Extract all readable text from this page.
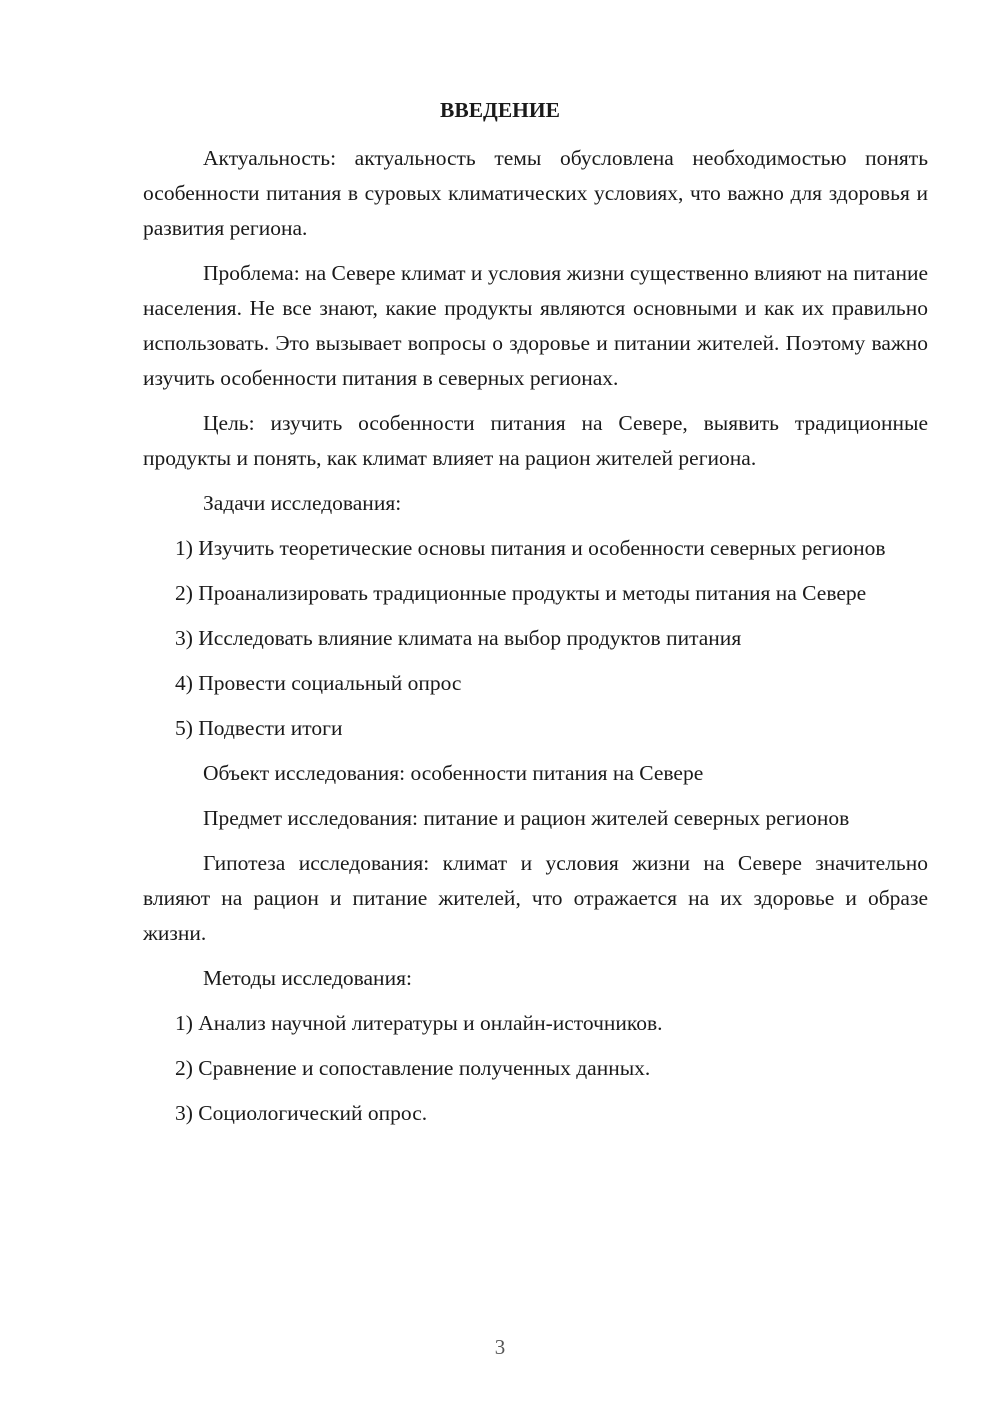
ВВЕДЕНИЕ

Актуальность: актуальность темы обусловлена необходимостью понять особенности питания в суровых климатических условиях, что важно для здоровья и развития региона.

Проблема: на Севере климат и условия жизни существенно влияют на питание населения. Не все знают, какие продукты являются основными и как их правильно использовать. Это вызывает вопросы о здоровье и питании жителей. Поэтому важно изучить особенности питания в северных регионах.

Цель: изучить особенности питания на Севере, выявить традиционные продукты и понять, как климат влияет на рацион жителей региона.

Задачи исследования:

1) Изучить теоретические основы питания и особенности северных регионов

2) Проанализировать традиционные продукты и методы питания на Севере

3) Исследовать влияние климата на выбор продуктов питания

4) Провести социальный опрос

5) Подвести итоги

Объект исследования: особенности питания на Севере

Предмет исследования: питание и рацион жителей северных регионов

Гипотеза исследования: климат и условия жизни на Севере значительно влияют на рацион и питание жителей, что отражается на их здоровье и образе жизни.

Методы исследования:

1) Анализ научной литературы и онлайн-источников.

2) Сравнение и сопоставление полученных данных.

3) Социологический опрос.

3
